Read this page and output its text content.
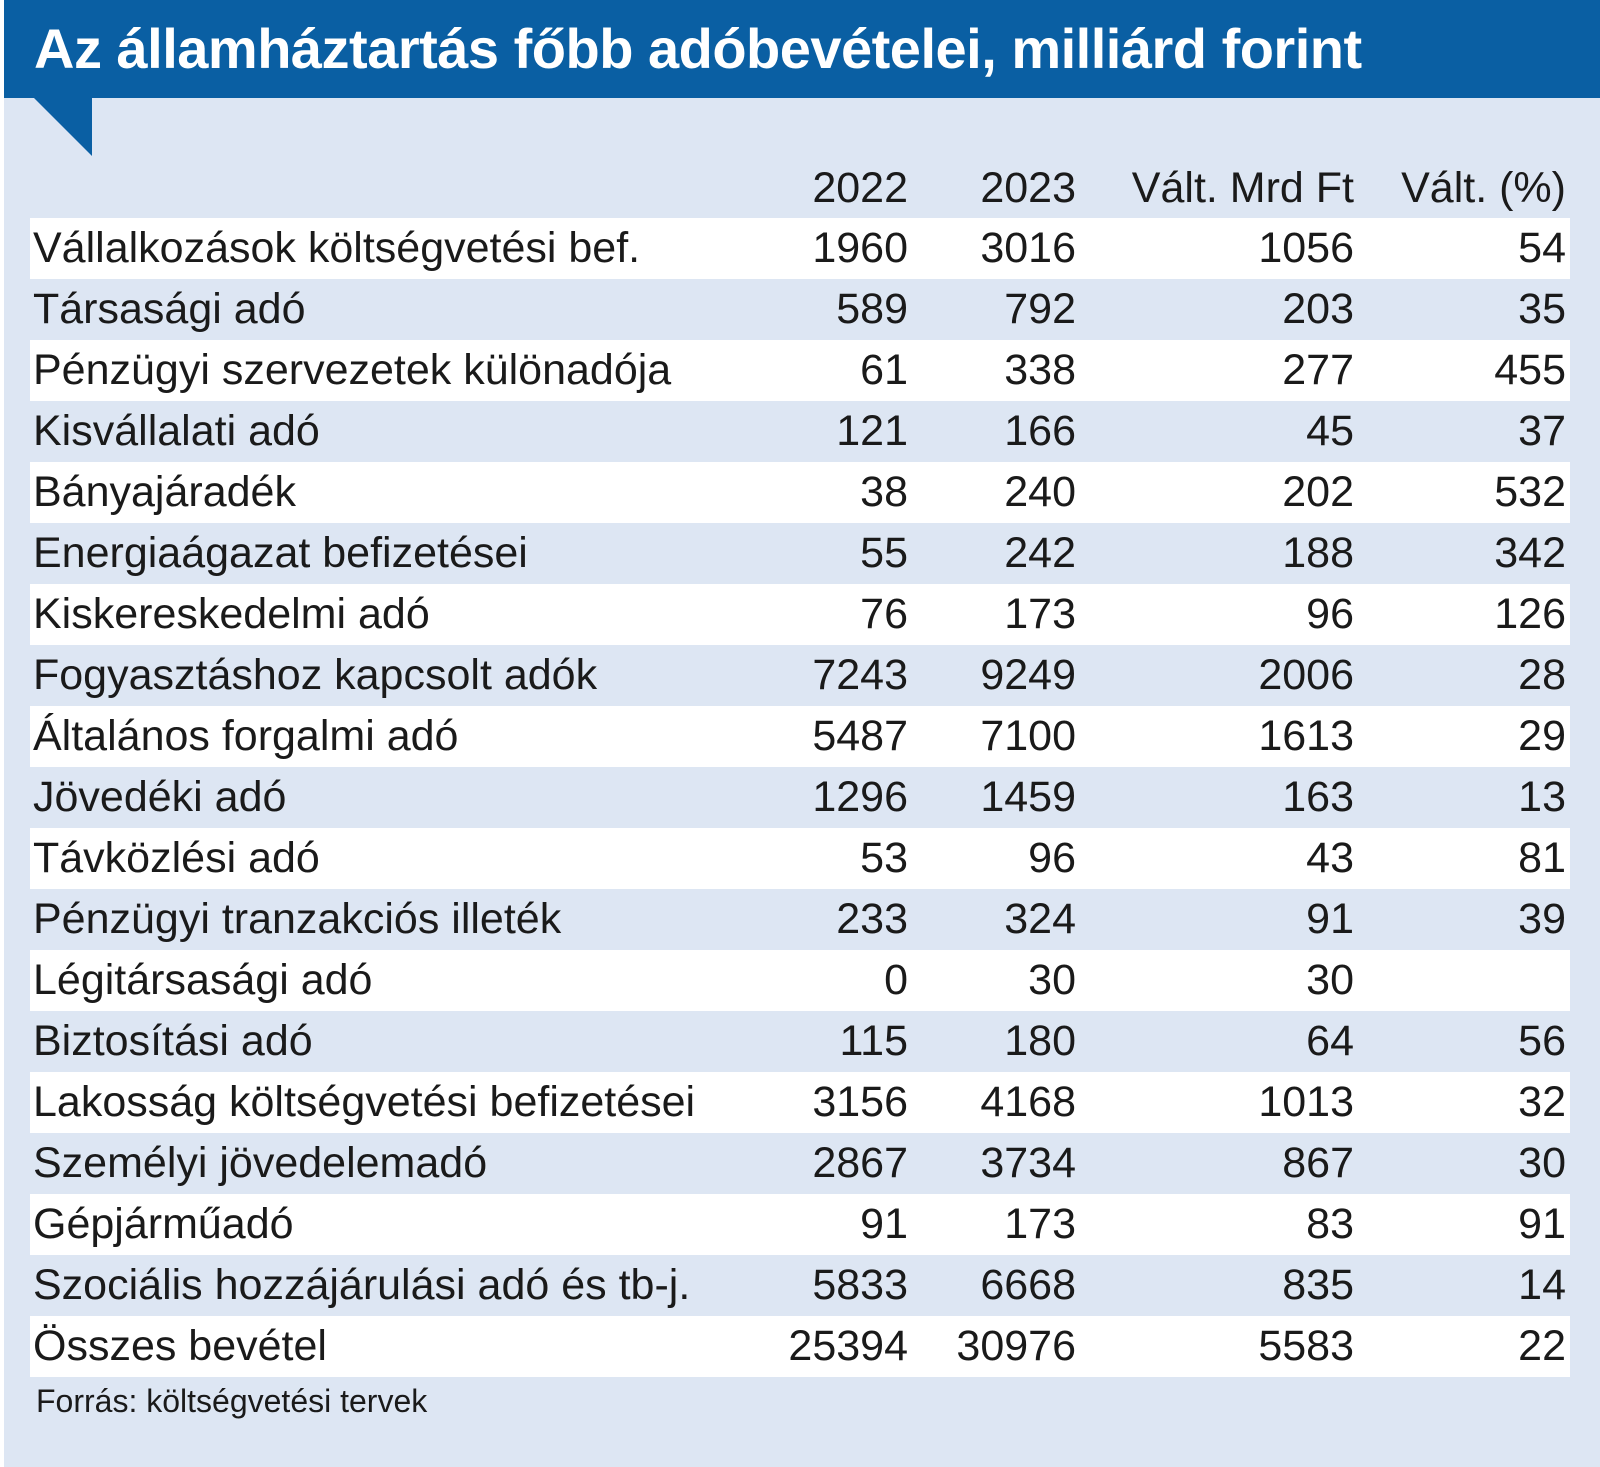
Az államháztartás főbb adóbevételei, milliárd forint
2022 2023 Vált. Mrd Ft Vált. (%)
Vállalkozások költségvetési bef.	1960 3016	1056	54
Társasági adó	589 792	203	35
Pénzügyi szervezetek különadója	61 338	277	455
Kisvállalati adó	121 166	45	37
Bányajáradék	38 240	202	532
Energiaágazat befizetései	55 242	188	342
Kiskereskedelmi adó	76 173	96	126
Fogyasztáshoz kapcsolt adók	7243 9249	2006	28
Általános forgalmi adó	5487 7100	1613	29
Jövedéki adó	1296 1459	163	13
Távközlési adó	53	96	43	81
Pénzügyi tranzakciós illeték	233 324	91	39
Légitársasági adó	0	30	30
Biztosítási adó	115 180	64	56
Lakosság költségvetési befizetései	3156 4168	1013	32
Személyi jövedelemadó	2867 3734	867	30
Gépjárműadó	91 173	83	91
Szociális hozzájárulási adó és tb-j.	5833 6668	835	14
Összes bevétel	25394 30976	5583	22
Forrás: költségvetési tervek
